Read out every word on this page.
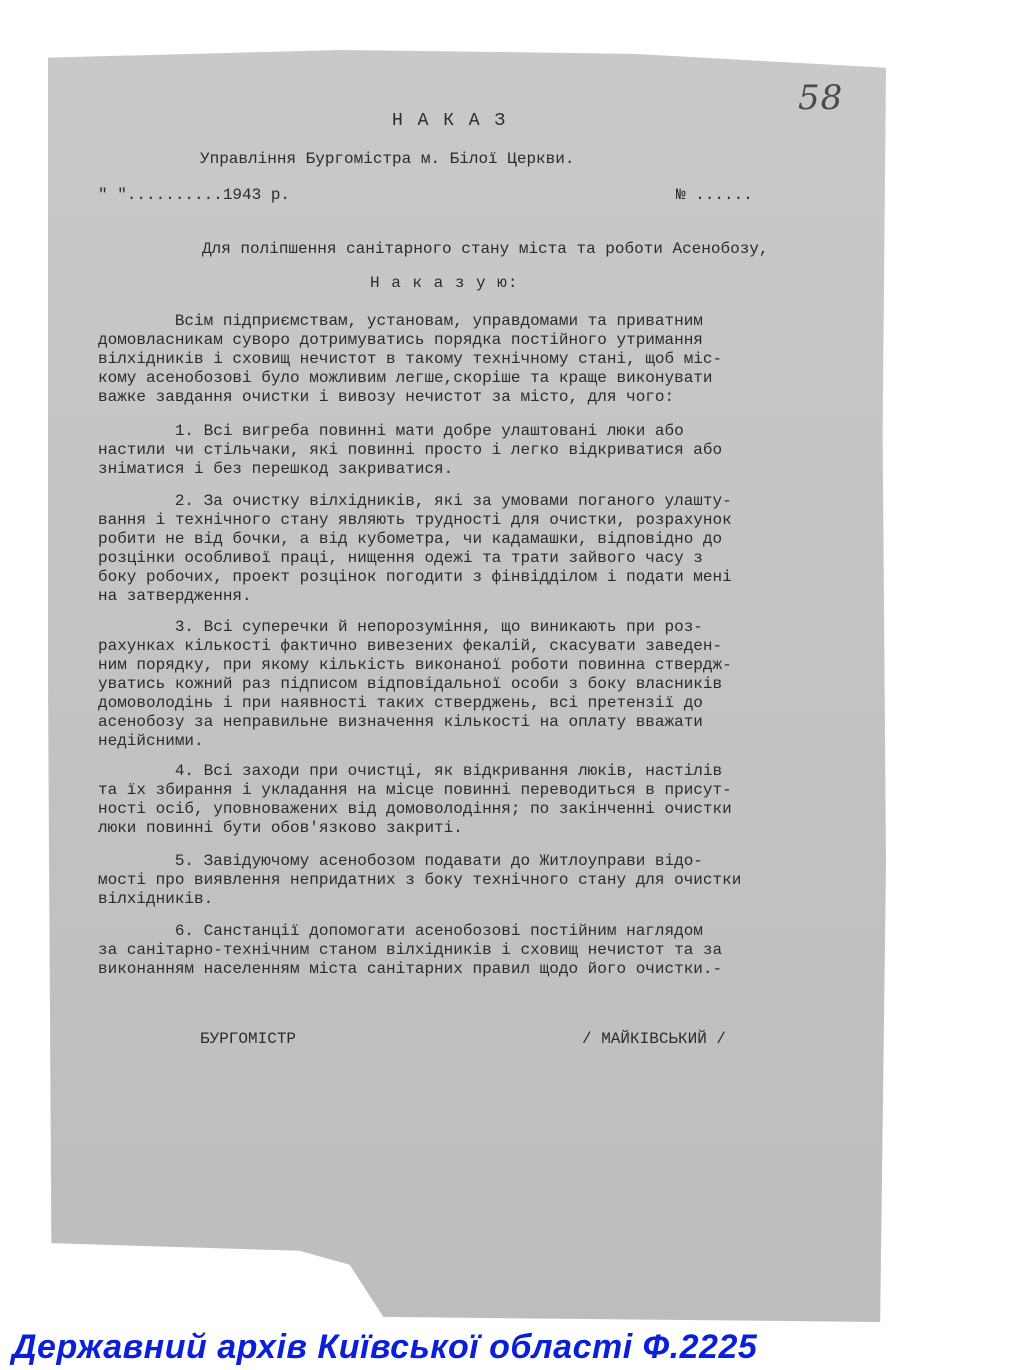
58
Н А К А З
Управління Бургомістра м. Білої Церкви.
" "..........1943 р.	№ ......
Для поліпшення санітарного стану міста та роботи Асенобозу,
Н а к а з у ю:
Всім підприємствам, установам, управдомами та приватним
домовласникам суворо дотримуватись порядка постійного утримання
вілхідників і сховищ нечистот в такому технічному стані, щоб міс-
кому асенобозові було можливим легше,скоріше та краще виконувати
важке завдання очистки і вивозу нечистот за місто, для чого:
1. Всі вигреба повинні мати добре улаштовані люки або
настили чи стільчаки, які повинні просто і легко відкриватися або
зніматися і без перешкод закриватися.
2. За очистку вілхідників, які за умовами поганого улашту-
вання і технічного стану являють трудності для очистки, розрахунок
робити не від бочки, а від кубометра, чи кадамашки, відповідно до
розцінки особливої праці, нищення одежі та трати зайвого часу з
боку робочих, проект розцінок погодити з фінвідділом і подати мені
на затвердження.
3. Всі суперечки й непорозуміння, що виникають при роз-
рахунках кількості фактично вивезених фекалій, скасувати заведен-
ним порядку, при якому кількість виконаної роботи повинна ствердж-
уватись кожний раз підписом відповідальної особи з боку власників
домоволодінь і при наявності таких стверджень, всі претензії до
асенобозу за неправильне визначення кількості на оплату вважати
недійсними.
4. Всі заходи при очистці, як відкривання люків, настілів
та їх збирання і укладання на місце повинні переводиться в присут-
ності осіб, уповноважених від домоволодіння; по закінченні очистки
люки повинні бути обов'язково закриті.
5. Завідуючому асенобозом подавати до Житлоуправи відо-
мості про виявлення непридатних з боку технічного стану для очистки
вілхідників.
6. Санстанції допомогати асенобозові постійним наглядом
за санітарно-технічним станом вілхідників і сховищ нечистот та за
виконанням населенням міста санітарних правил щодо його очистки.-
БУРГОМІСТР	/ МАЙКІВСЬКИЙ /
Державний архів Київської області Ф.2225
